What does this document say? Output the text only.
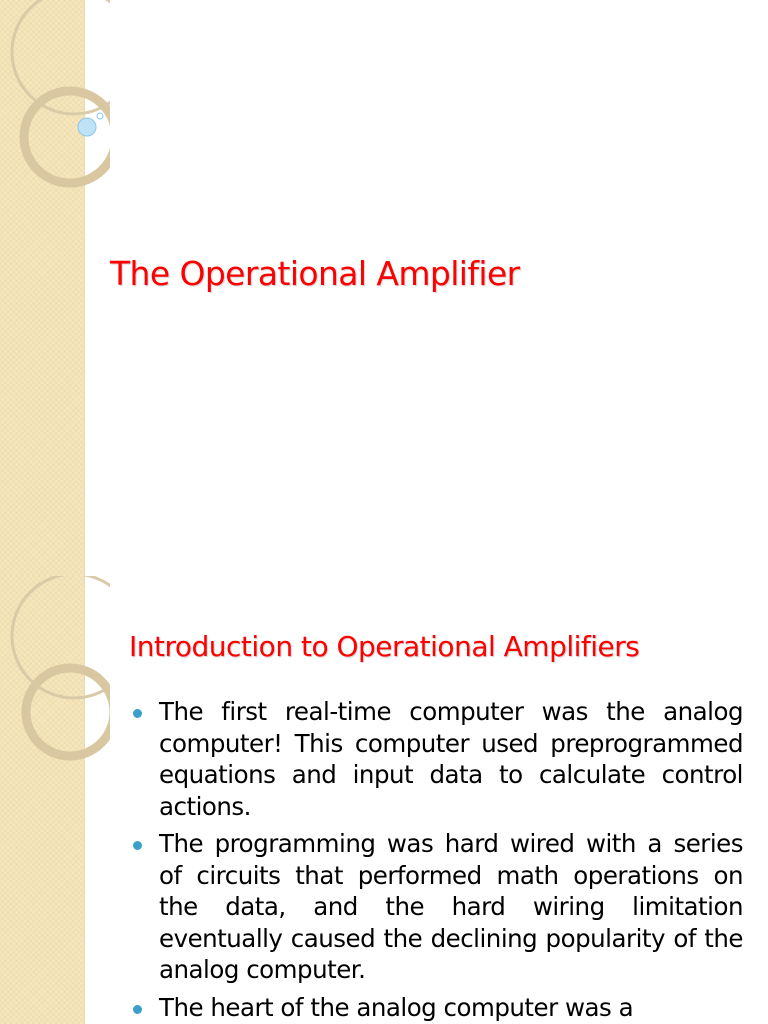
The Operational Amplifier
Introduction to Operational Amplifiers
The first real-time computer was the analog computer! This computer used preprogrammed equations and input data to calculate control actions.
The programming was hard wired with a series of circuits that performed math operations on the data, and the hard wiring limitation eventually caused the declining popularity of the analog computer.
The heart of the analog computer was a
